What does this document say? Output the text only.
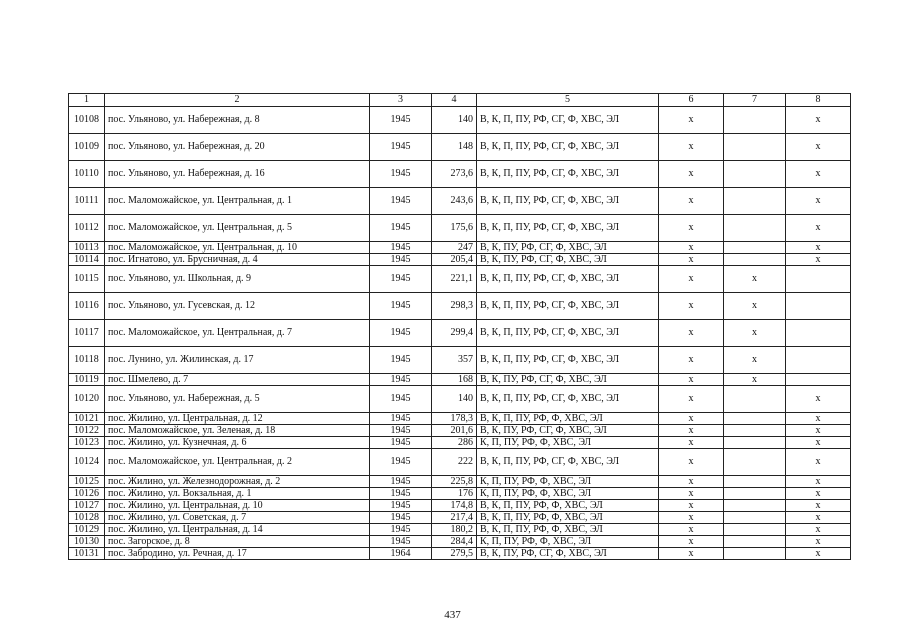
1	2	3	4	5	6	7	8
10108	пос. Ульяново, ул. Набережная, д. 8	1945	140	В, К, П, ПУ, РФ, СГ, Ф, ХВС, ЭЛ	x		x
10109	пос. Ульяново, ул. Набережная, д. 20	1945	148	В, К, П, ПУ, РФ, СГ, Ф, ХВС, ЭЛ	x		x
10110	пос. Ульяново, ул. Набережная, д. 16	1945	273,6	В, К, П, ПУ, РФ, СГ, Ф, ХВС, ЭЛ	x		x
10111	пос. Маломожайское, ул. Центральная, д. 1	1945	243,6	В, К, П, ПУ, РФ, СГ, Ф, ХВС, ЭЛ	x		x
10112	пос. Маломожайское, ул. Центральная, д. 5	1945	175,6	В, К, П, ПУ, РФ, СГ, Ф, ХВС, ЭЛ	x		x
10113	пос. Маломожайское, ул. Центральная, д. 10	1945	247	В, К, ПУ, РФ, СГ, Ф, ХВС, ЭЛ	x		x
10114	пос. Игнатово, ул. Брусничная, д. 4	1945	205,4	В, К, ПУ, РФ, СГ, Ф, ХВС, ЭЛ	x		x
10115	пос. Ульяново, ул. Школьная, д. 9	1945	221,1	В, К, П, ПУ, РФ, СГ, Ф, ХВС, ЭЛ	x	x	
10116	пос. Ульяново, ул. Гусевская, д. 12	1945	298,3	В, К, П, ПУ, РФ, СГ, Ф, ХВС, ЭЛ	x	x	
10117	пос. Маломожайское, ул. Центральная, д. 7	1945	299,4	В, К, П, ПУ, РФ, СГ, Ф, ХВС, ЭЛ	x	x	
10118	пос. Лунино, ул. Жилинская, д. 17	1945	357	В, К, П, ПУ, РФ, СГ, Ф, ХВС, ЭЛ	x	x	
10119	пос. Шмелево, д. 7	1945	168	В, К, ПУ, РФ, СГ, Ф, ХВС, ЭЛ	x	x	
10120	пос. Ульяново, ул. Набережная, д. 5	1945	140	В, К, П, ПУ, РФ, СГ, Ф, ХВС, ЭЛ	x		x
10121	пос. Жилино, ул. Центральная, д. 12	1945	178,3	В, К, П, ПУ, РФ, Ф, ХВС, ЭЛ	x		x
10122	пос. Маломожайское, ул. Зеленая, д. 18	1945	201,6	В, К, ПУ, РФ, СГ, Ф, ХВС, ЭЛ	x		x
10123	пос. Жилино, ул. Кузнечная, д. 6	1945	286	К, П, ПУ, РФ, Ф, ХВС, ЭЛ	x		x
10124	пос. Маломожайское, ул. Центральная, д. 2	1945	222	В, К, П, ПУ, РФ, СГ, Ф, ХВС, ЭЛ	x		x
10125	пос. Жилино, ул. Железнодорожная, д. 2	1945	225,8	К, П, ПУ, РФ, Ф, ХВС, ЭЛ	x		x
10126	пос. Жилино, ул. Вокзальная, д. 1	1945	176	К, П, ПУ, РФ, Ф, ХВС, ЭЛ	x		x
10127	пос. Жилино, ул. Центральная, д. 10	1945	174,8	В, К, П, ПУ, РФ, Ф, ХВС, ЭЛ	x		x
10128	пос. Жилино, ул. Советская, д. 7	1945	217,4	В, К, П, ПУ, РФ, Ф, ХВС, ЭЛ	x		x
10129	пос. Жилино, ул. Центральная, д. 14	1945	180,2	В, К, П, ПУ, РФ, Ф, ХВС, ЭЛ	x		x
10130	пос. Загорское, д. 8	1945	284,4	К, П, ПУ, РФ, Ф, ХВС, ЭЛ	x		x
10131	пос. Забродино, ул. Речная, д. 17	1964	279,5	В, К, ПУ, РФ, СГ, Ф, ХВС, ЭЛ	x		x
437
